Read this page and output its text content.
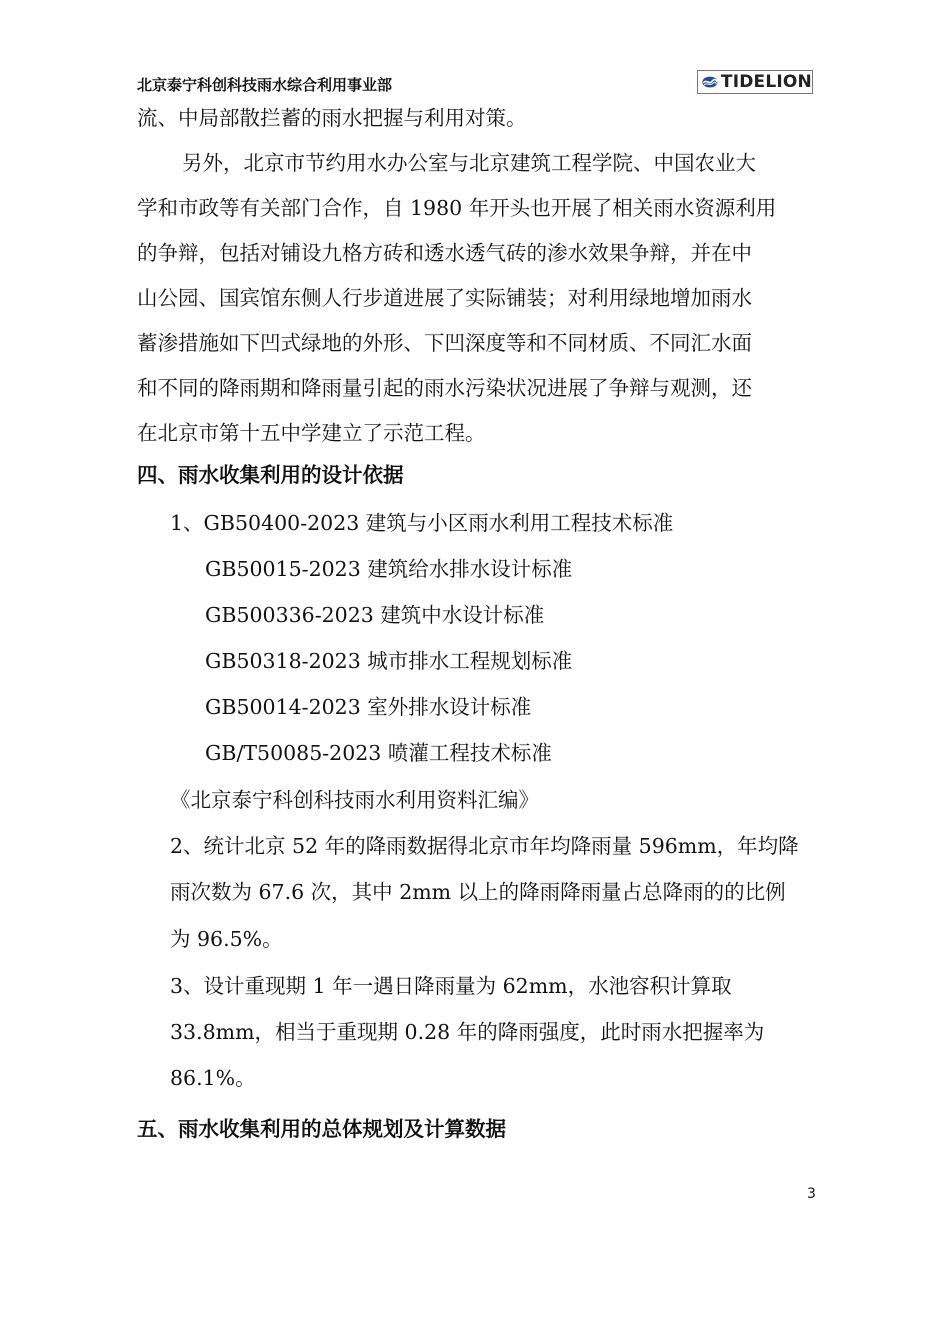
北京泰宁科创科技雨水综合利用事业部	TIDELION
流、中局部散拦蓄的雨水把握与利用对策。
另外，北京市节约用水办公室与北京建筑工程学院、中国农业大
学和市政等有关部门合作，自 1980 年开头也开展了相关雨水资源利用
的争辩，包括对铺设九格方砖和透水透气砖的渗水效果争辩，并在中
山公园、国宾馆东侧人行步道进展了实际铺装；对利用绿地增加雨水
蓄渗措施如下凹式绿地的外形、下凹深度等和不同材质、不同汇水面
和不同的降雨期和降雨量引起的雨水污染状况进展了争辩与观测，还
在北京市第十五中学建立了示范工程。
四、雨水收集利用的设计依据
1、GB50400-2023 建筑与小区雨水利用工程技术标准
GB50015-2023 建筑给水排水设计标准
GB500336-2023 建筑中水设计标准
GB50318-2023 城市排水工程规划标准
GB50014-2023 室外排水设计标准
GB/T50085-2023 喷灌工程技术标准
《北京泰宁科创科技雨水利用资料汇编》
2、统计北京 52 年的降雨数据得北京市年均降雨量 596mm，年均降
雨次数为 67.6 次，其中 2mm 以上的降雨降雨量占总降雨的的比例
为 96.5%。
3、设计重现期 1 年一遇日降雨量为 62mm，水池容积计算取
33.8mm，相当于重现期 0.28 年的降雨强度，此时雨水把握率为
86.1%。
五、雨水收集利用的总体规划及计算数据
3
